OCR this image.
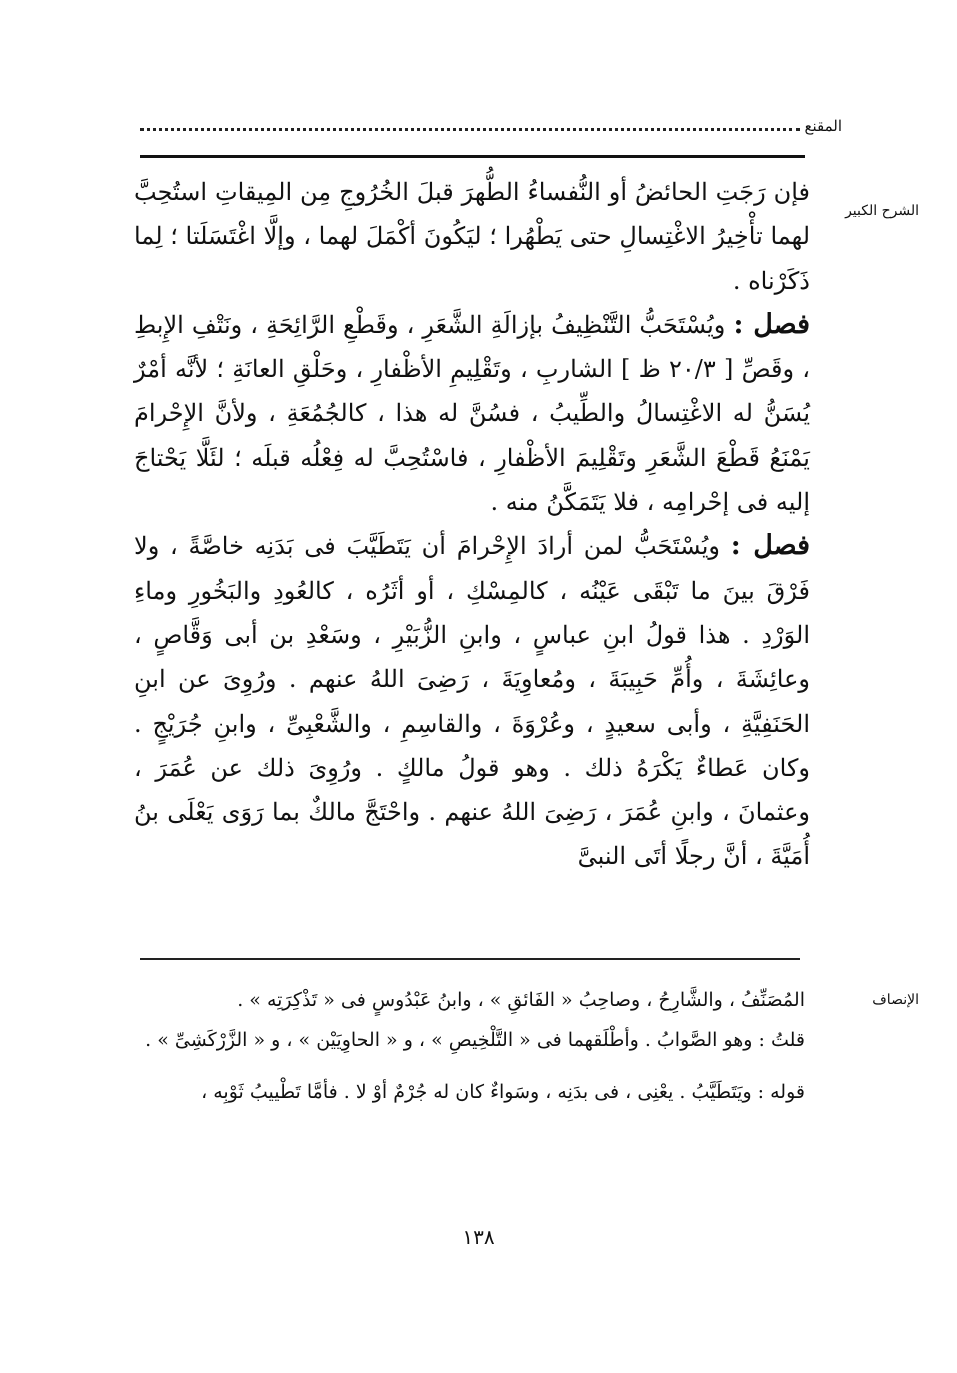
المقنع
الشرح الكبير

فإن رَجَتِ الحائضُ أو النُّفساءُ الطُّهرَ قبلَ الخُرُوجِ مِن المِيقاتِ استُحِبَّ لهما تأْخِيرُ الاغْتِسالِ حتى يَطْهُرا ؛ ليَكُونَ أكْمَلَ لهما ، وإلَّا اغْتَسَلَتا ؛ لِما ذَكَرْناه .

فصل : ويُسْتَحَبُّ التَّنْظِيفُ بإزالَةِ الشَّعَرِ ، وقَطْعِ الرَّائِحَةِ ، ونَتْفِ الإِبطِ ، وقَصِّ [ ٢٠/٣ ظ ] الشاربِ ، وتَقْلِيمِ الأظْفارِ ، وحَلْقِ العانَةِ ؛ لأنَّه أمْرٌ يُسَنُّ له الاغْتِسالُ والطِّيبُ ، فسُنَّ له هذا ، كالجُمُعَةِ ، ولأنَّ الإِحْرامَ يَمْنَعُ قَطْعَ الشَّعَرِ وتَقْلِيمَ الأظْفارِ ، فاسْتُحِبَّ له فِعْلُه قبلَه ؛ لئَلَّا يَحْتاجَ إليه فى إحْرامِه ، فلا يَتَمَكَّنُ منه .

فصل : ويُسْتَحَبُّ لمن أرادَ الإِحْرامَ أن يَتَطَيَّبَ فى بَدَنِه خاصَّةً ، ولا فَرْقَ بينَ ما تَبْقَى عَيْنُه ، كالمِسْكِ ، أو أثَرُه ، كالعُودِ والبَخُورِ وماءِ الوَرْدِ . هذا قولُ ابنِ عباسٍ ، وابنِ الزُّبَيْرِ ، وسَعْدِ بن أبى وَقَّاصٍ ، وعائِشَةَ ، وأُمِّ حَبِيبَةَ ، ومُعاوِيَةَ ، رَضِىَ اللهُ عنهم . ورُوِىَ عن ابنِ الحَنَفِيَّةِ ، وأبى سعيدٍ ، وعُرْوَةَ ، والقاسِمِ ، والشَّعْبِىِّ ، وابنِ جُرَيْجٍ . وكان عَطاءٌ يَكْرَهُ ذلك . وهو قولُ مالكٍ . ورُوِىَ ذلك عن عُمَرَ ، وعثمانَ ، وابنِ عُمَرَ ، رَضِىَ اللهُ عنهم . واحْتَجَّ مالكٌ بما رَوَى يَعْلَى بنُ أُمَيَّةَ ، أنَّ رجلًا أتَى النبىَّ

الإنصاف

المُصَنِّفُ ، والشَّارِحُ ، وصاحِبُ « الفَائقِ » ، وابنُ عَبْدُوسٍ فى « تَذْكِرَتِه » .

قلتُ : وهو الصَّوابُ . وأطْلَقهما فى « التَّلْخِيصِ » ، و « الحاوِيَيْن » ، و « الزَّرْكَشِىِّ » .

قوله : ويَتَطَيَّبُ . يعْنِى ، فى بدَنِه ، وسَواءٌ كان له جُرْمٌ أوْ لا . فأمَّا تَطْييبُ ثَوْبِه ،

١٣٨
